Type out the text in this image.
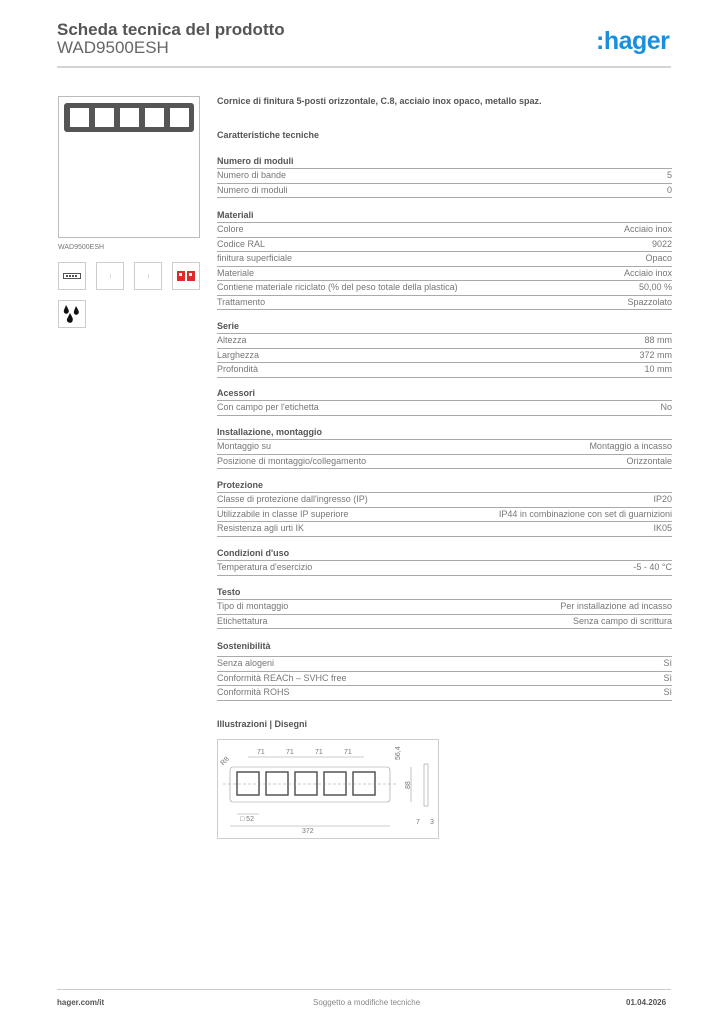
Scheda tecnica del prodotto
WAD9500ESH	:hager
WAD9500ESH
Cornice di finitura 5-posti orizzontale, C.8, acciaio inox opaco, metallo spaz.
Caratteristiche tecniche
Numero di moduli
Numero di bande	5
Numero di moduli	0
Materiali
Colore	Acciaio inox
Codice RAL	9022
finitura superficiale	Opaco
Materiale	Acciaio inox
Contiene materiale riciclato (% del peso totale della plastica)	50,00 %
Trattamento	Spazzolato
Serie
Altezza	88 mm
Larghezza	372 mm
Profondità	10 mm
Acessori
Con campo per l'etichetta	No
Installazione, montaggio
Montaggio su	Montaggio a incasso
Posizione di montaggio/collegamento	Orizzontale
Protezione
Classe di protezione dall'ingresso (IP)	IP20
Utilizzabile in classe IP superiore	IP44 in combinazione con set di guarnizioni
Resistenza agli urti IK	IK05
Condizioni d'uso
Temperatura d'esercizio	-5 - 40 °C
Testo
Tipo di montaggio	Per installazione ad incasso
Etichettatura	Senza campo di scrittura
Sostenibilità
Senza alogeni	Sì
Conformità REACh – SVHC free	Sì
Conformità ROHS	Sì
Illustrazioni | Disegni
71	71	71	71
R8
56,4
88
□ 52
372
7 3
hager.com/it	Soggetto a modifiche tecniche	01.04.2026
